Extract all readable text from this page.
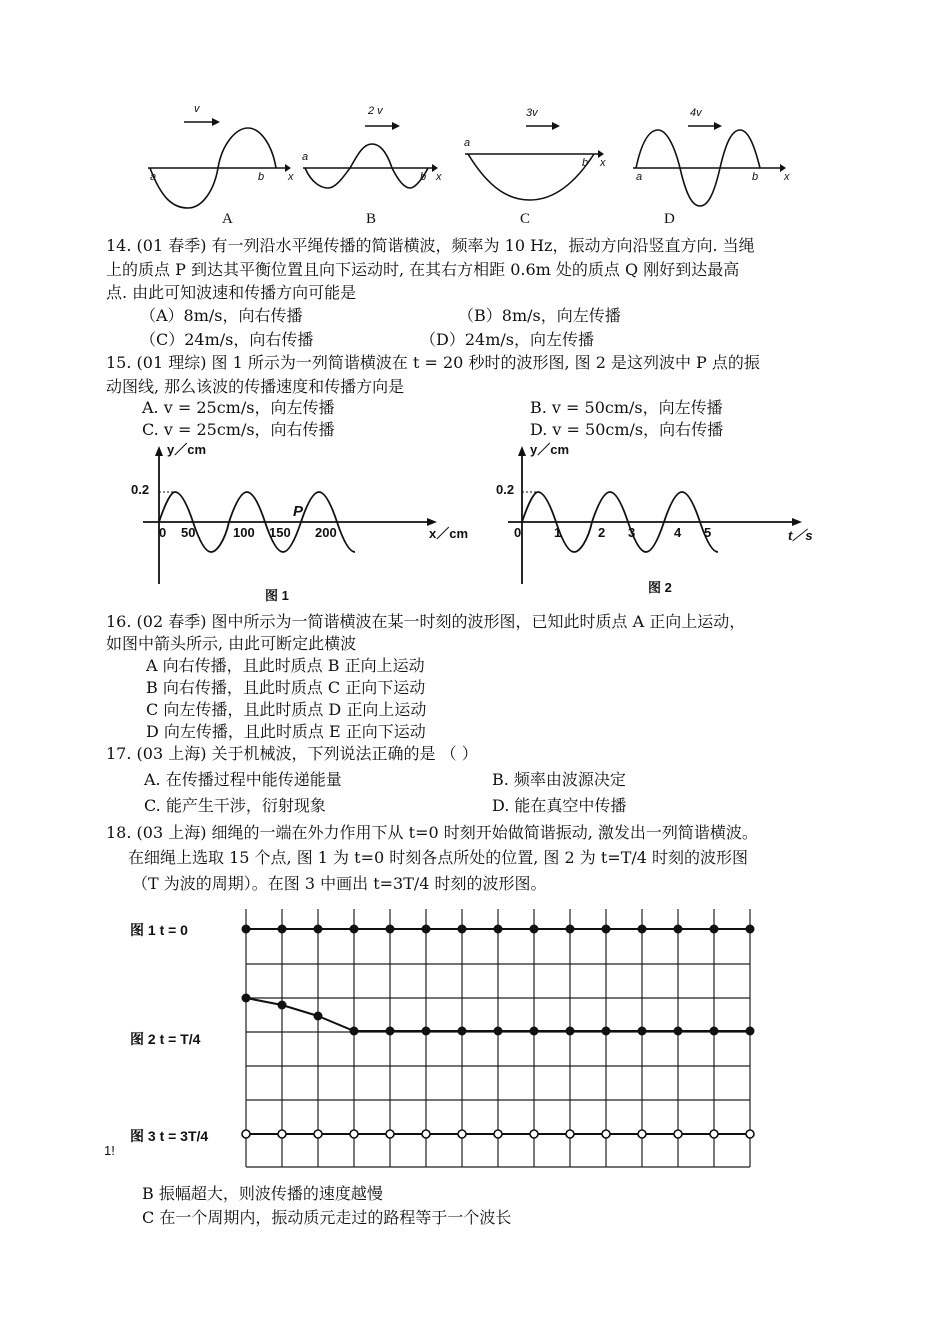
v	2 v	3v	4v
a	b x
a
b x
a
b x
a	b x
A	B	C	D
14. (01 春季) 有一列沿水平绳传播的简谐横波，频率为 10 Hz，振动方向沿竖直方向. 当绳
上的质点 P 到达其平衡位置且向下运动时, 在其右方相距 0.6m 处的质点 Q 刚好到达最高
点. 由此可知波速和传播方向可能是
（A）8m/s，向右传播	（B）8m/s，向左传播
（C）24m/s，向右传播	（D）24m/s，向左传播
15. (01 理综) 图 1 所示为一列简谐横波在 t = 20 秒时的波形图, 图 2 是这列波中 P 点的振
动图线, 那么该波的传播速度和传播方向是
A. v = 25cm/s，向左传播	B. v = 50cm/s，向左传播
C. v = 25cm/s，向右传播	D. v = 50cm/s，向右传播
y／cm
0.2
0 50	100 150 200
P
x／cm
图 1
y／cm
0.2
0	1	2 3	4 5	t／s
图 2
16. (02 春季) 图中所示为一简谐横波在某一时刻的波形图，已知此时质点 A 正向上运动，
如图中箭头所示, 由此可断定此横波
A 向右传播，且此时质点 B 正向上运动
B 向右传播，且此时质点 C 正向下运动
C 向左传播，且此时质点 D 正向上运动
D 向左传播，且此时质点 E 正向下运动
17. (03 上海) 关于机械波，下列说法正确的是 （ ）
A. 在传播过程中能传递能量	B. 频率由波源决定
C. 能产生干涉，衍射现象	D. 能在真空中传播
18. (03 上海) 细绳的一端在外力作用下从 t=0 时刻开始做简谐振动, 激发出一列简谐横波。
在细绳上选取 15 个点, 图 1 为 t=0 时刻各点所处的位置, 图 2 为 t=T/4 时刻的波形图
（T 为波的周期）。在图 3 中画出 t=3T/4 时刻的波形图。
图 1 t = 0
图 2 t = T/4
图 3 t = 3T/4
1!
B 振幅超大，则波传播的速度越慢
C 在一个周期内，振动质元走过的路程等于一个波长
